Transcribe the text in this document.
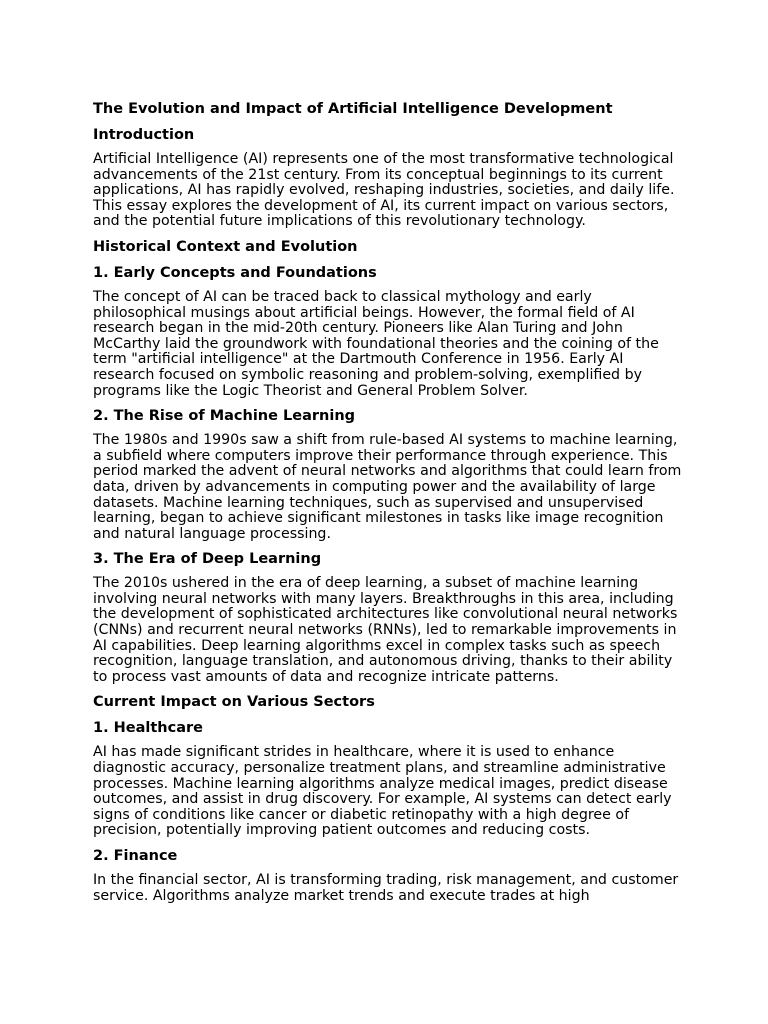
The Evolution and Impact of Artificial Intelligence Development
Introduction
Artificial Intelligence (AI) represents one of the most transformative technological advancements of the 21st century. From its conceptual beginnings to its current applications, AI has rapidly evolved, reshaping industries, societies, and daily life. This essay explores the development of AI, its current impact on various sectors, and the potential future implications of this revolutionary technology.
Historical Context and Evolution
1. Early Concepts and Foundations
The concept of AI can be traced back to classical mythology and early philosophical musings about artificial beings. However, the formal field of AI research began in the mid-20th century. Pioneers like Alan Turing and John McCarthy laid the groundwork with foundational theories and the coining of the term "artificial intelligence" at the Dartmouth Conference in 1956. Early AI research focused on symbolic reasoning and problem-solving, exemplified by programs like the Logic Theorist and General Problem Solver.
2. The Rise of Machine Learning
The 1980s and 1990s saw a shift from rule-based AI systems to machine learning, a subfield where computers improve their performance through experience. This period marked the advent of neural networks and algorithms that could learn from data, driven by advancements in computing power and the availability of large datasets. Machine learning techniques, such as supervised and unsupervised learning, began to achieve significant milestones in tasks like image recognition and natural language processing.
3. The Era of Deep Learning
The 2010s ushered in the era of deep learning, a subset of machine learning involving neural networks with many layers. Breakthroughs in this area, including the development of sophisticated architectures like convolutional neural networks (CNNs) and recurrent neural networks (RNNs), led to remarkable improvements in AI capabilities. Deep learning algorithms excel in complex tasks such as speech recognition, language translation, and autonomous driving, thanks to their ability to process vast amounts of data and recognize intricate patterns.
Current Impact on Various Sectors
1. Healthcare
AI has made significant strides in healthcare, where it is used to enhance diagnostic accuracy, personalize treatment plans, and streamline administrative processes. Machine learning algorithms analyze medical images, predict disease outcomes, and assist in drug discovery. For example, AI systems can detect early signs of conditions like cancer or diabetic retinopathy with a high degree of precision, potentially improving patient outcomes and reducing costs.
2. Finance
In the financial sector, AI is transforming trading, risk management, and customer service. Algorithms analyze market trends and execute trades at high
